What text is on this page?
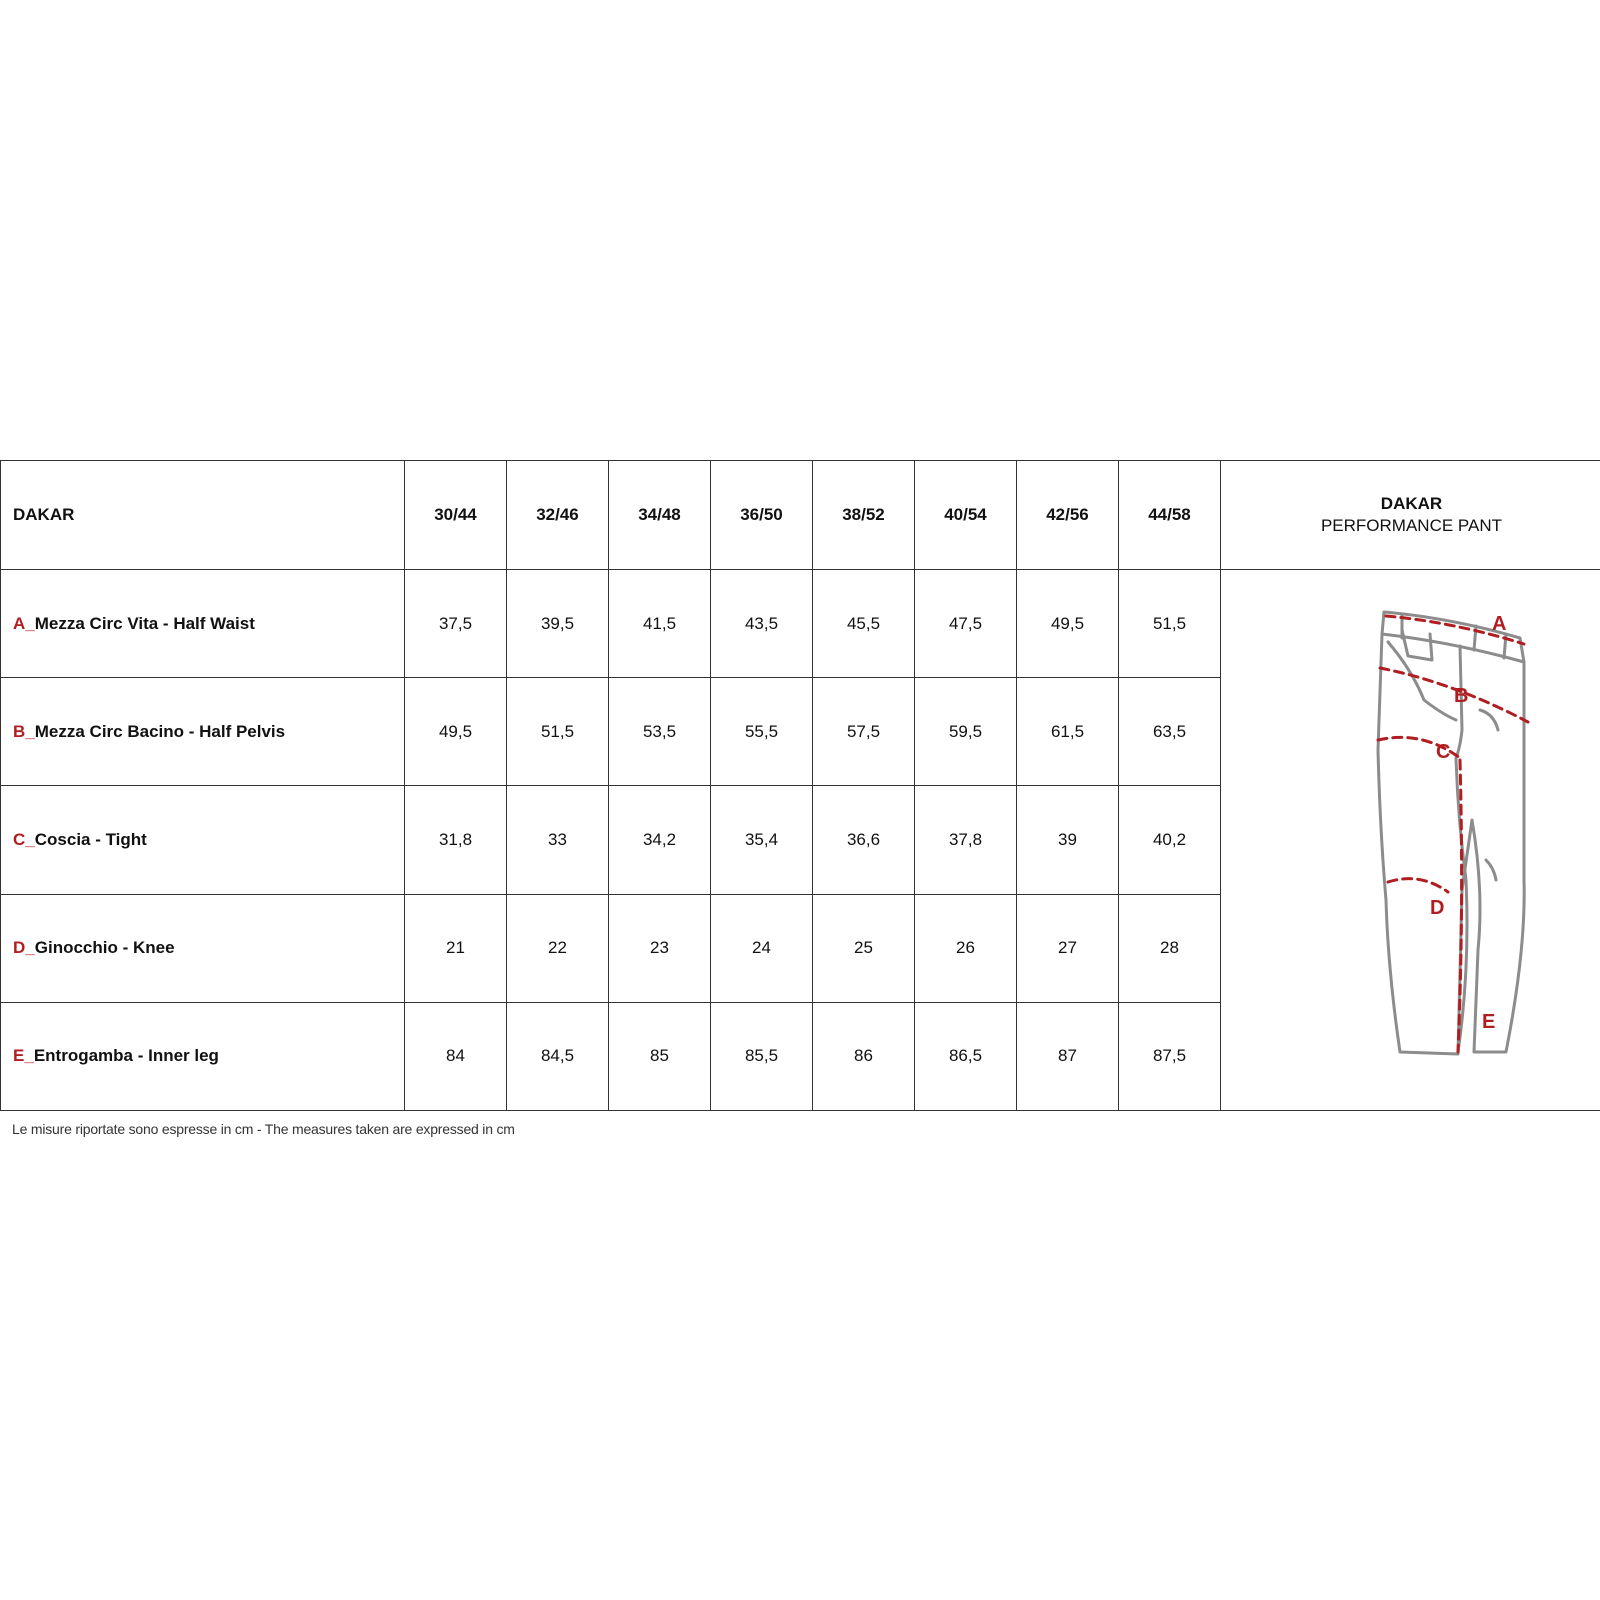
DAKAR	30/44	32/46	34/48	36/50	38/52	40/54	42/56	44/58	DAKAR
PERFORMANCE PANT

A_Mezza Circ Vita - Half Waist	37,5	39,5	41,5	43,5	45,5	47,5	49,5	51,5	A
B
C
D
E

B_Mezza Circ Bacino - Half Pelvis	49,5	51,5	53,5	55,5	57,5	59,5	61,5	63,5	
C_Coscia - Tight	31,8	33	34,2	35,4	36,6	37,8	39	40,2	
D_Ginocchio - Knee	21	22	23	24	25	26	27	28	
E_Entrogamba - Inner leg	84	84,5	85	85,5	86	86,5	87	87,5	
Le misure riportate sono espresse in cm - The measures taken are expressed in cm
